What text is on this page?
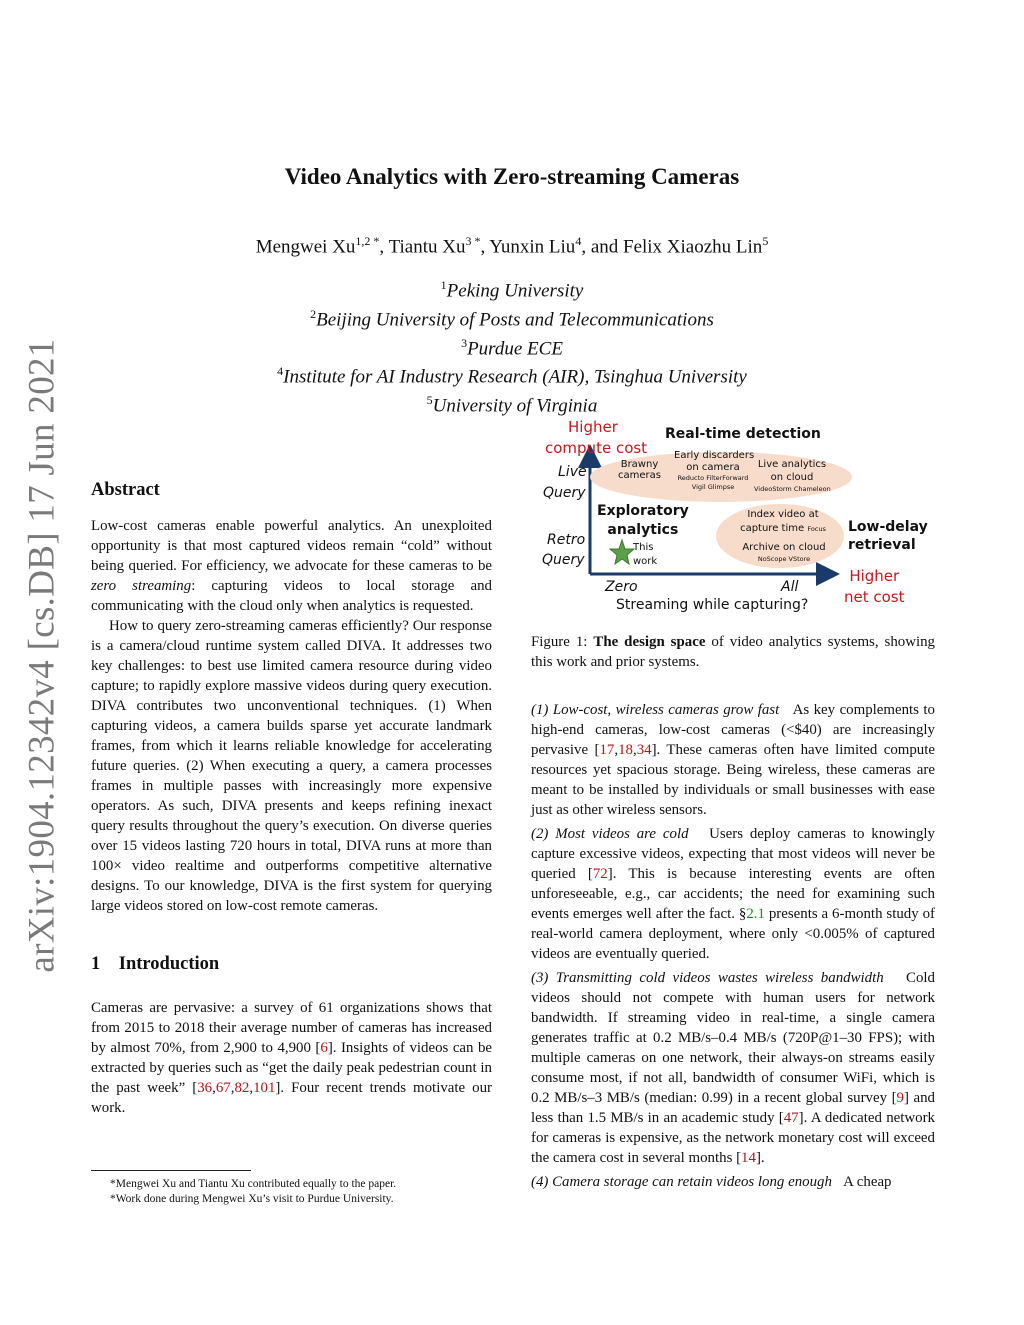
arXiv:1904.12342v4 [cs.DB] 17 Jun 2021
Video Analytics with Zero-streaming Cameras
Mengwei $Xu^{1,2 *}$, Tiantu $Xu^{3 *}$, Yunxin Liu$^4$, and Felix Xiaozhu Lin$^5$
$^1$Peking University
$^2$Beijing University of Posts and Telecommunications
$^3$Purdue ECE
$^4$Institute for AI Industry Research (AIR), Tsinghua University
$^5$University of Virginia
Abstract

Low-cost cameras enable powerful analytics. An unexploited opportunity is that most captured videos remain “cold” without being queried. For efficiency, we advocate for these cameras to be zero streaming: capturing videos to local storage and communicating with the cloud only when analytics is requested.

How to query zero-streaming cameras efficiently? Our response is a camera/cloud runtime system called DIVA. It addresses two key challenges: to best use limited camera resource during video capture; to rapidly explore massive videos during query execution. DIVA contributes two unconventional techniques. (1) When capturing videos, a camera builds sparse yet accurate landmark frames, from which it learns reliable knowledge for accelerating future queries. (2) When executing a query, a camera processes frames in multiple passes with increasingly more expensive operators. As such, DIVA presents and keeps refining inexact query results throughout the query’s execution. On diverse queries over 15 videos lasting 720 hours in total, DIVA runs at more than 100× video realtime and outperforms competitive alternative designs. To our knowledge, DIVA is the first system for querying large videos stored on low-cost remote cameras.

1 Introduction

Cameras are pervasive: a survey of 61 organizations shows that from 2015 to 2018 their average number of cameras has increased by almost 70%, from 2,900 to 4,900 [6]. Insights of videos can be extracted by queries such as “get the daily peak pedestrian count in the past week” [36,67,82,101]. Four recent trends motivate our work.

*Mengwei Xu and Tiantu Xu contributed equally to the paper.
*Work done during Mengwei Xu’s visit to Purdue University.
Higher
compute cost
Real-time detection
Live
Query
Retro
Query
Brawny
cameras
Early discarders
on camera
Reducto FilterForward
Vigil Glimpse
Live analytics
on cloud
VideoStorm Chameleon
Exploratory
analytics
This
work
Index video at
capture time Focus
Archive on cloud
NoScope VStore
Low-delay
retrieval
Higher
net cost
Zero	All
Streaming while capturing?

Figure 1: The design space of video analytics systems, showing this work and prior systems.

(1) Low-cost, wireless cameras grow fast As key complements to high-end cameras, low-cost cameras (<$40) are increasingly pervasive [17,18,34]. These cameras often have limited compute resources yet spacious storage. Being wireless, these cameras are meant to be installed by individuals or small businesses with ease just as other wireless sensors.

(2) Most videos are cold Users deploy cameras to knowingly capture excessive videos, expecting that most videos will never be queried [72]. This is because interesting events are often unforeseeable, e.g., car accidents; the need for examining such events emerges well after the fact. §2.1 presents a 6-month study of real-world camera deployment, where only <0.005% of captured videos are eventually queried.

(3) Transmitting cold videos wastes wireless bandwidth Cold videos should not compete with human users for network bandwidth. If streaming video in real-time, a single camera generates traffic at 0.2 MB/s–0.4 MB/s (720P@1–30 FPS); with multiple cameras on one network, their always-on streams easily consume most, if not all, bandwidth of consumer WiFi, which is 0.2 MB/s–3 MB/s (median: 0.99) in a recent global survey [9] and less than 1.5 MB/s in an academic study [47]. A dedicated network for cameras is expensive, as the network monetary cost will exceed the camera cost in several months [14].

(4) Camera storage can retain videos long enough A cheap
